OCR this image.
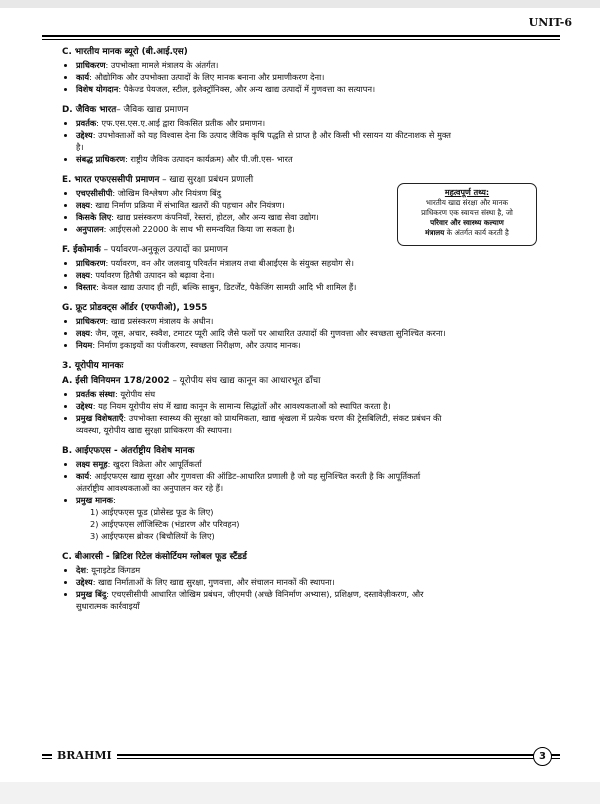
UNIT-6
C. भारतीय मानक ब्यूरो (बी.आई.एस)
• प्राधिकरण: उपभोक्ता मामले मंत्रालय के अंतर्गत।
• कार्य: औद्योगिक और उपभोक्ता उत्पादों के लिए मानक बनाना और प्रमाणीकरण देना।
• विशेष योगदान: पैकेज्ड पेयजल, स्टील, इलेक्ट्रॉनिक्स, और अन्य खाद्य उत्पादों में गुणवत्ता का सत्यापन।
D. जैविक भारत– जैविक खाद्य प्रमाणन
• प्रवर्तक: एफ.एस.एस.ए.आई द्वारा विकसित प्रतीक और प्रमाणन।
• उद्देश्य: उपभोक्ताओं को यह विश्वास देना कि उत्पाद जैविक कृषि पद्धति से प्राप्त है और किसी भी रसायन या कीटनाशक से मुक्त
है।
• संबद्ध प्राधिकरण: राष्ट्रीय जैविक उत्पादन कार्यक्रम) और पी.जी.एस- भारत
E. भारत एफएससीपी प्रमाणन – खाद्य सुरक्षा प्रबंधन प्रणाली
• एचएसीसीपी: जोखिम विश्लेषण और नियंत्रण बिंदु
• लक्ष्य: खाद्य निर्माण प्रक्रिया में संभावित खतरों की पहचान और नियंत्रण।
• किसके लिए: खाद्य प्रसंस्करण कंपनियाँ, रेस्तरां, होटल, और अन्य खाद्य सेवा उद्योग।
• अनुपालन: आईएसओ 22000 के साथ भी समन्वयित किया जा सकता है।
F. ईकोमार्क – पर्यावरण-अनुकूल उत्पादों का प्रमाणन
• प्राधिकरण: पर्यावरण, वन और जलवायु परिवर्तन मंत्रालय तथा बीआईएस के संयुक्त सहयोग से।
• लक्ष्य: पर्यावरण हितैषी उत्पादन को बढ़ावा देना।
• विस्तार: केवल खाद्य उत्पाद ही नहीं, बल्कि साबुन, डिटर्जेंट, पैकेजिंग सामग्री आदि भी शामिल हैं।
G. फ्रूट प्रोडक्ट्स ऑर्डर (एफपीओ), 1955
• प्राधिकरण: खाद्य प्रसंस्करण मंत्रालय के अधीन।
• लक्ष्य: जैम, जूस, अचार, स्क्वैश, टमाटर प्यूरी आदि जैसे फलों पर आधारित उत्पादों की गुणवत्ता और स्वच्छता सुनिश्चित करना।
• नियम: निर्माण इकाइयों का पंजीकरण, स्वच्छता निरीक्षण, और उत्पाद मानक।
3. यूरोपीय मानकः
A. ईसी विनियमन 178/2002 – यूरोपीय संघ खाद्य कानून का आधारभूत ढाँचा
• प्रवर्तक संस्था: यूरोपीय संघ
• उद्देश्य: यह नियम यूरोपीय संघ में खाद्य कानून के सामान्य सिद्धांतों और आवश्यकताओं को स्थापित करता है।
• प्रमुख विशेषताएँ: उपभोक्ता स्वास्थ्य की सुरक्षा को प्राथमिकता, खाद्य श्रृंखला में प्रत्येक चरण की ट्रेसबिलिटी, संकट प्रबंधन की
व्यवस्था, यूरोपीय खाद्य सुरक्षा प्राधिकरण की स्थापना।
B. आईएफएस - अंतर्राष्ट्रीय विशेष मानक
• लक्ष्य समूह: खुदरा विक्रेता और आपूर्तिकर्ता
• कार्य: आईएफएस खाद्य सुरक्षा और गुणवत्ता की ऑडिट-आधारित प्रणाली है जो यह सुनिश्चित करती है कि आपूर्तिकर्ता
अंतर्राष्ट्रीय आवश्यकताओं का अनुपालन कर रहे हैं।
• प्रमुख मानक:
1) आईएफएस फूड (प्रोसेस्ड फूड के लिए)
2) आईएफएस लॉजिस्टिक (भंडारण और परिवहन)
3) आईएफएस ब्रोकर (बिचौलियों के लिए)
C. बीआरसी - ब्रिटिश रिटेल कंसोर्टियम ग्लोबल फूड स्टैंडर्ड
• देश: यूनाइटेड किंगडम
• उद्देश्य: खाद्य निर्माताओं के लिए खाद्य सुरक्षा, गुणवत्ता, और संचालन मानकों की स्थापना।
• प्रमुख बिंदु: एचएसीसीपी आधारित जोखिम प्रबंधन, जीएमपी (अच्छे विनिर्माण अभ्यास), प्रशिक्षण, दस्तावेज़ीकरण, और
सुधारात्मक कार्रवाइयाँ
महत्वपूर्ण तथ्य:
भारतीय खाद्य संरक्षा और मानक
प्राधिकरण एक स्वायत्त संस्था है, जो
परिवार और स्वास्थ्य कल्याण
मंत्रालय के अंतर्गत कार्य करती है
BRAHMI	3
